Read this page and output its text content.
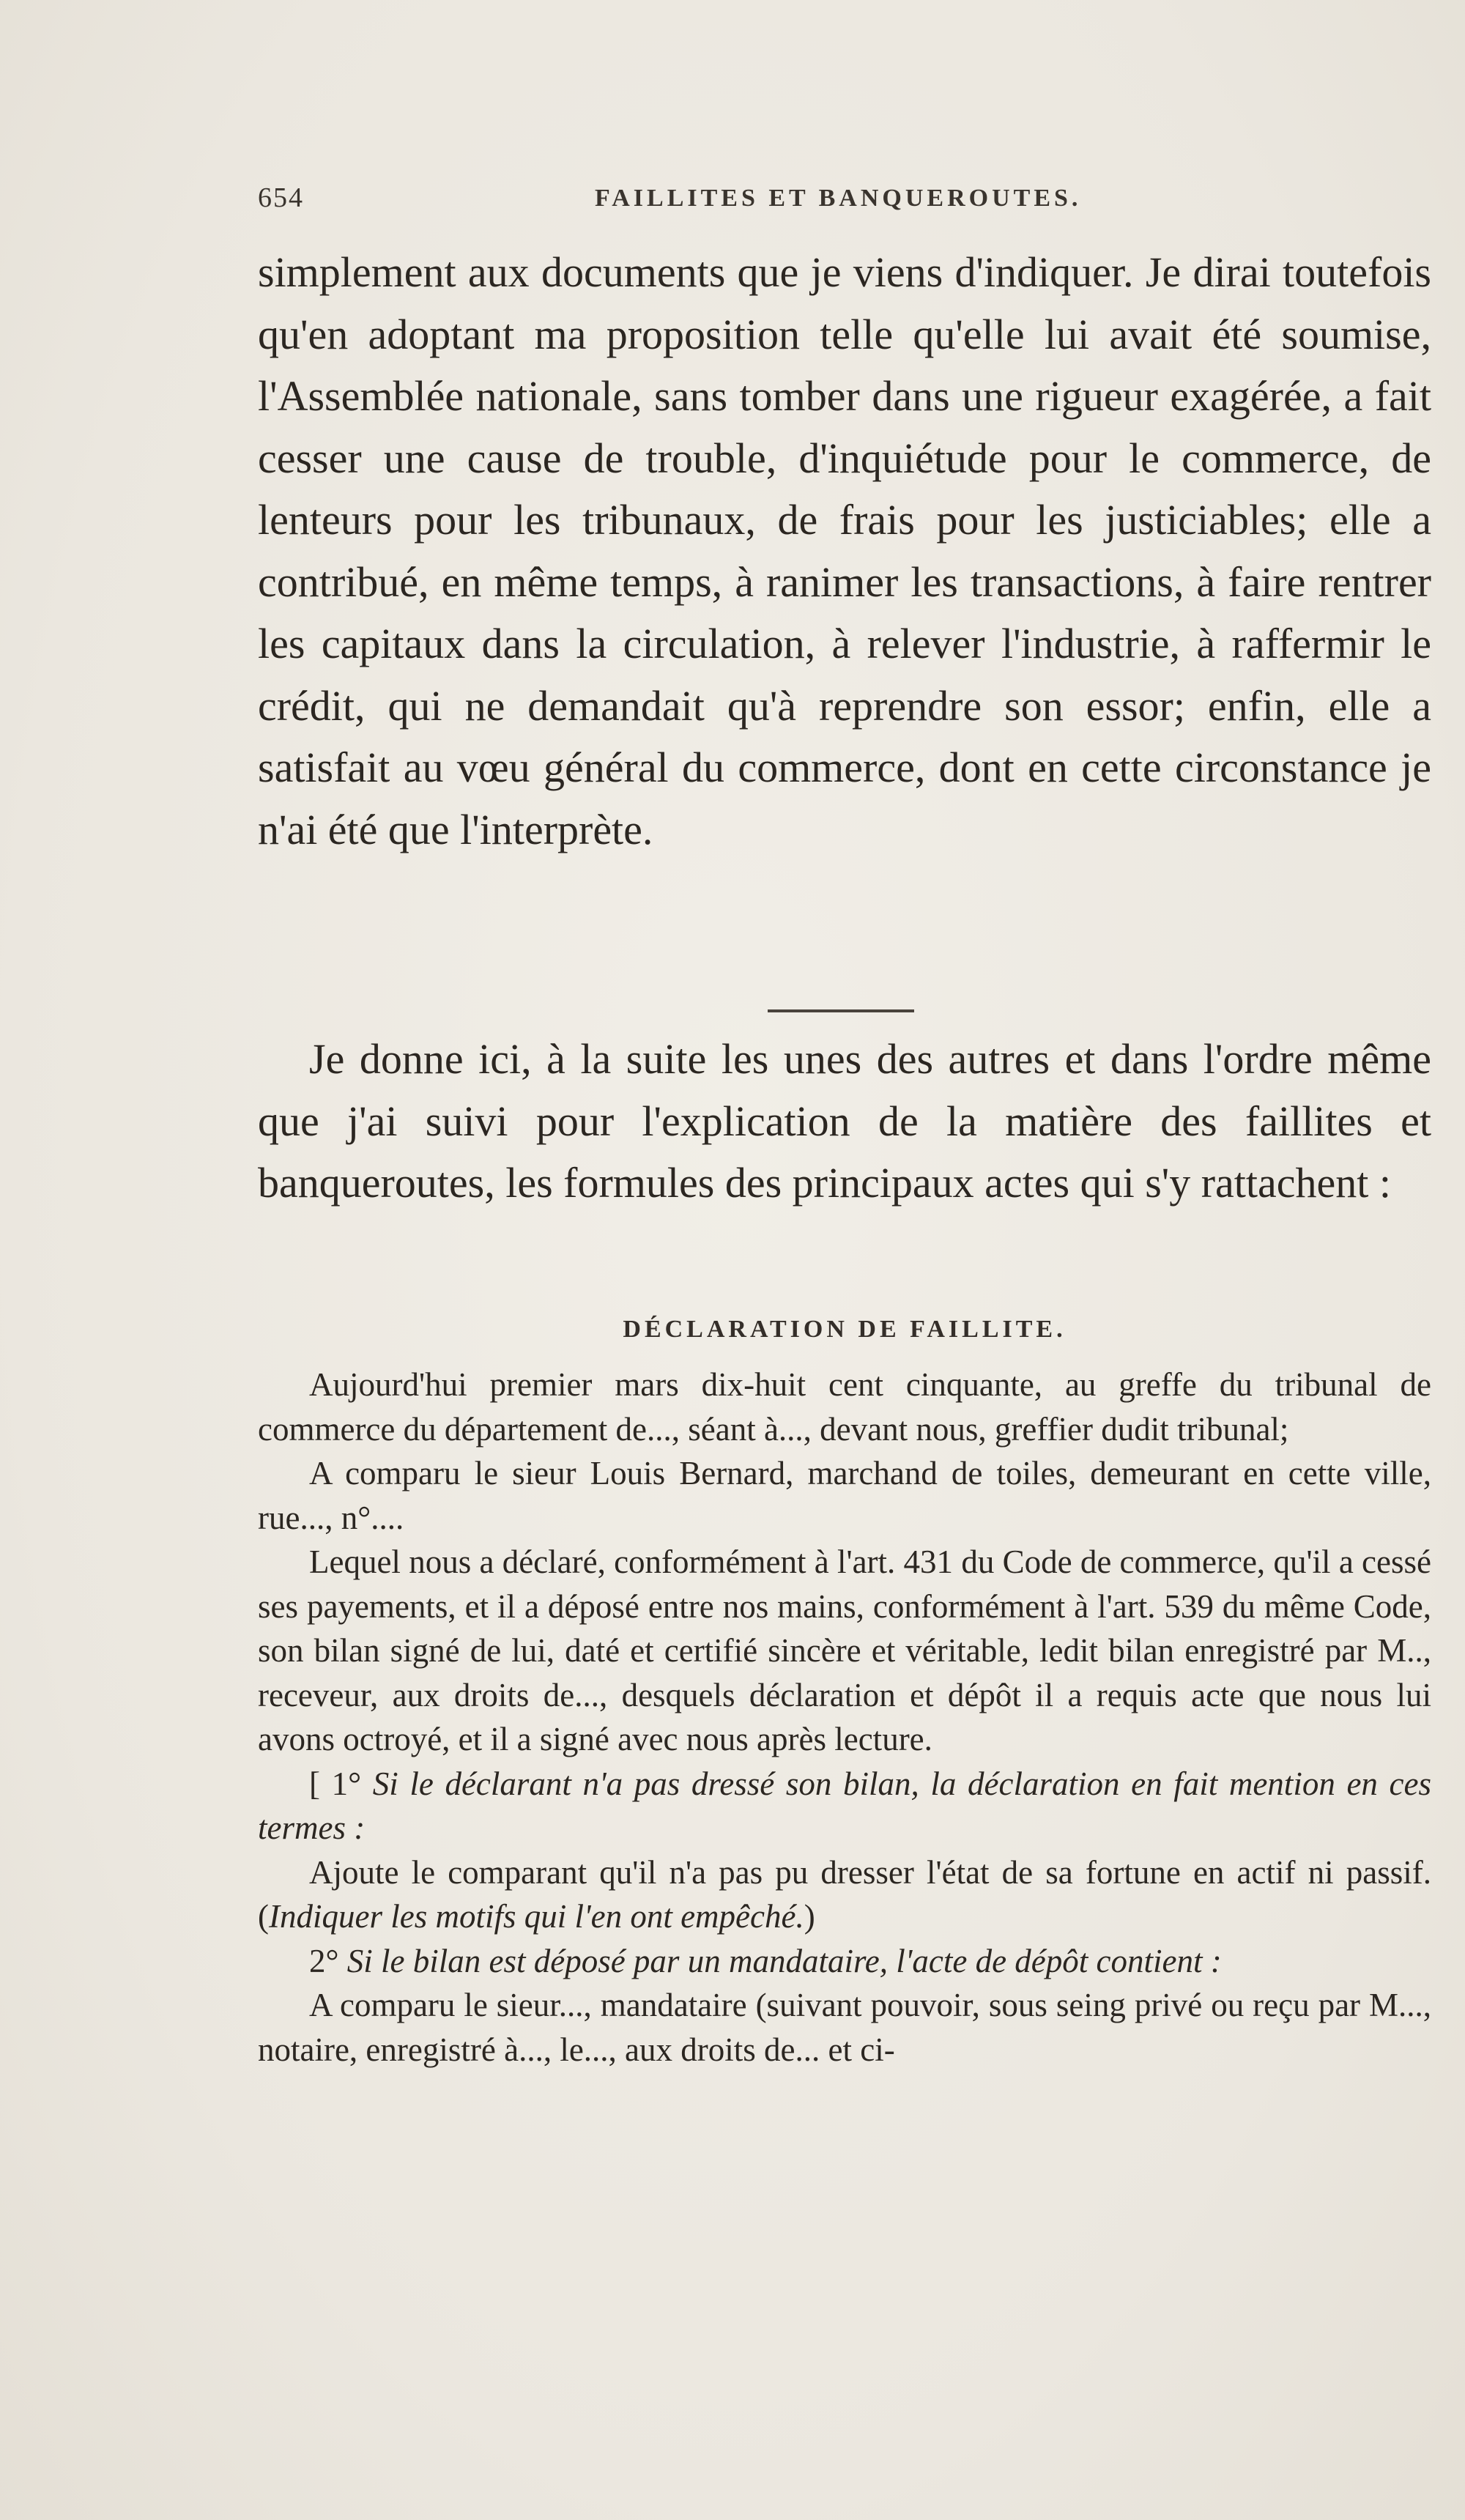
654	FAILLITES ET BANQUEROUTES.

simplement aux documents que je viens d'indiquer. Je dirai toutefois qu'en adoptant ma proposition telle qu'elle lui avait été soumise, l'Assemblée nationale, sans tomber dans une rigueur exagérée, a fait cesser une cause de trouble, d'inquiétude pour le commerce, de lenteurs pour les tribunaux, de frais pour les justiciables; elle a contribué, en même temps, à ranimer les transactions, à faire rentrer les capitaux dans la circulation, à relever l'industrie, à raffermir le crédit, qui ne demandait qu'à reprendre son essor; enfin, elle a satisfait au vœu général du commerce, dont en cette circonstance je n'ai été que l'interprète.

Je donne ici, à la suite les unes des autres et dans l'ordre même que j'ai suivi pour l'explication de la matière des faillites et banqueroutes, les formules des principaux actes qui s'y rattachent :

DÉCLARATION DE FAILLITE.

Aujourd'hui premier mars dix-huit cent cinquante, au greffe du tribunal de commerce du département de..., séant à..., devant nous, greffier dudit tribunal;

A comparu le sieur Louis Bernard, marchand de toiles, demeurant en cette ville, rue..., n°....

Lequel nous a déclaré, conformément à l'art. 431 du Code de commerce, qu'il a cessé ses payements, et il a déposé entre nos mains, conformément à l'art. 539 du même Code, son bilan signé de lui, daté et certifié sincère et véritable, ledit bilan enregistré par M.., receveur, aux droits de..., desquels déclaration et dépôt il a requis acte que nous lui avons octroyé, et il a signé avec nous après lecture.

[ 1° Si le déclarant n'a pas dressé son bilan, la déclaration en fait mention en ces termes :

Ajoute le comparant qu'il n'a pas pu dresser l'état de sa fortune en actif ni passif. (Indiquer les motifs qui l'en ont empêché.)

2° Si le bilan est déposé par un mandataire, l'acte de dépôt contient :

A comparu le sieur..., mandataire (suivant pouvoir, sous seing privé ou reçu par M..., notaire, enregistré à..., le..., aux droits de... et ci-
